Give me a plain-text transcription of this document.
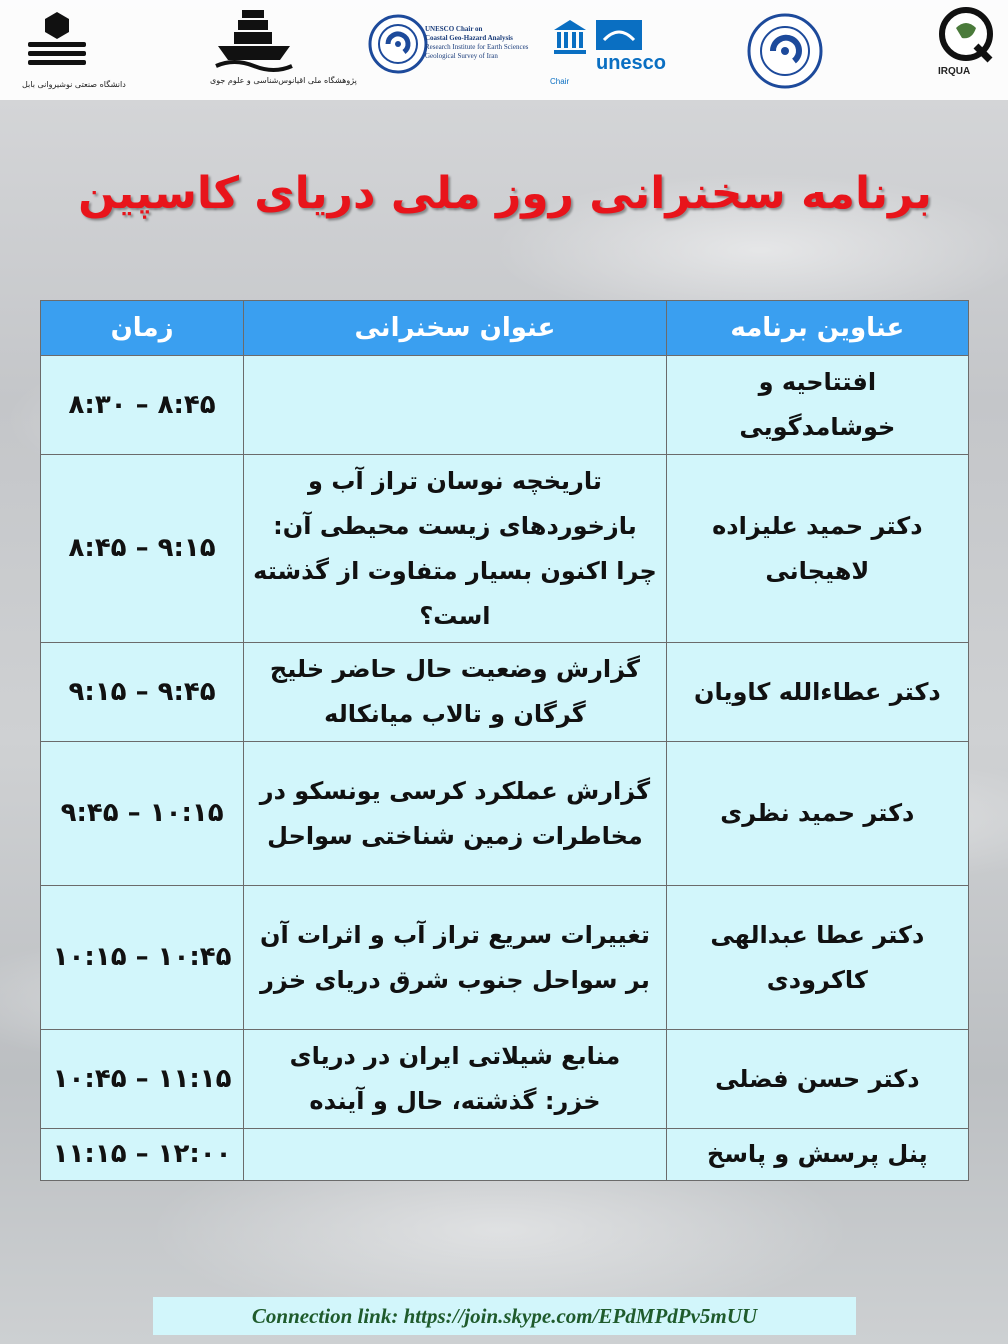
دانشگاه صنعتی نوشیروانی بابل	پژوهشگاه ملی اقیانوس‌شناسی و علوم جوی
UNESCO Chair on
Coastal Geo-Hazard Analysis
Research Institute for Earth Sciences
Geological Survey of Iran	unesco
Chair
IRQUA
برنامه سخنرانی روز ملی دریای کاسپین
عناوین برنامه	عنوان سخنرانی	زمان
افتتاحیه و خوشامدگویی		۸:۳۰ – ۸:۴۵
دکتر حمید علیزاده لاهیجانی	تاریخچه نوسان تراز آب و بازخوردهای زیست محیطی آن: چرا اکنون بسیار متفاوت از گذشته است؟	۸:۴۵ – ۹:۱۵
دکتر عطاءالله کاویان	گزارش وضعیت حال حاضر خلیج گرگان و تالاب میانکاله	۹:۱۵ – ۹:۴۵
دکتر حمید نظری	گزارش عملکرد کرسی یونسکو در مخاطرات زمین شناختی سواحل	۹:۴۵ – ۱۰:۱۵
دکتر عطا عبدالهی کاکرودی	تغییرات سریع تراز آب و اثرات آن بر سواحل جنوب شرق دریای خزر	۱۰:۱۵ – ۱۰:۴۵
دکتر حسن فضلی	منابع شیلاتی ایران در دریای خزر: گذشته، حال و آینده	۱۰:۴۵ – ۱۱:۱۵
پنل پرسش و پاسخ		۱۱:۱۵ – ۱۲:۰۰
Connection link: https://join.skype.com/EPdMPdPv5mUU
